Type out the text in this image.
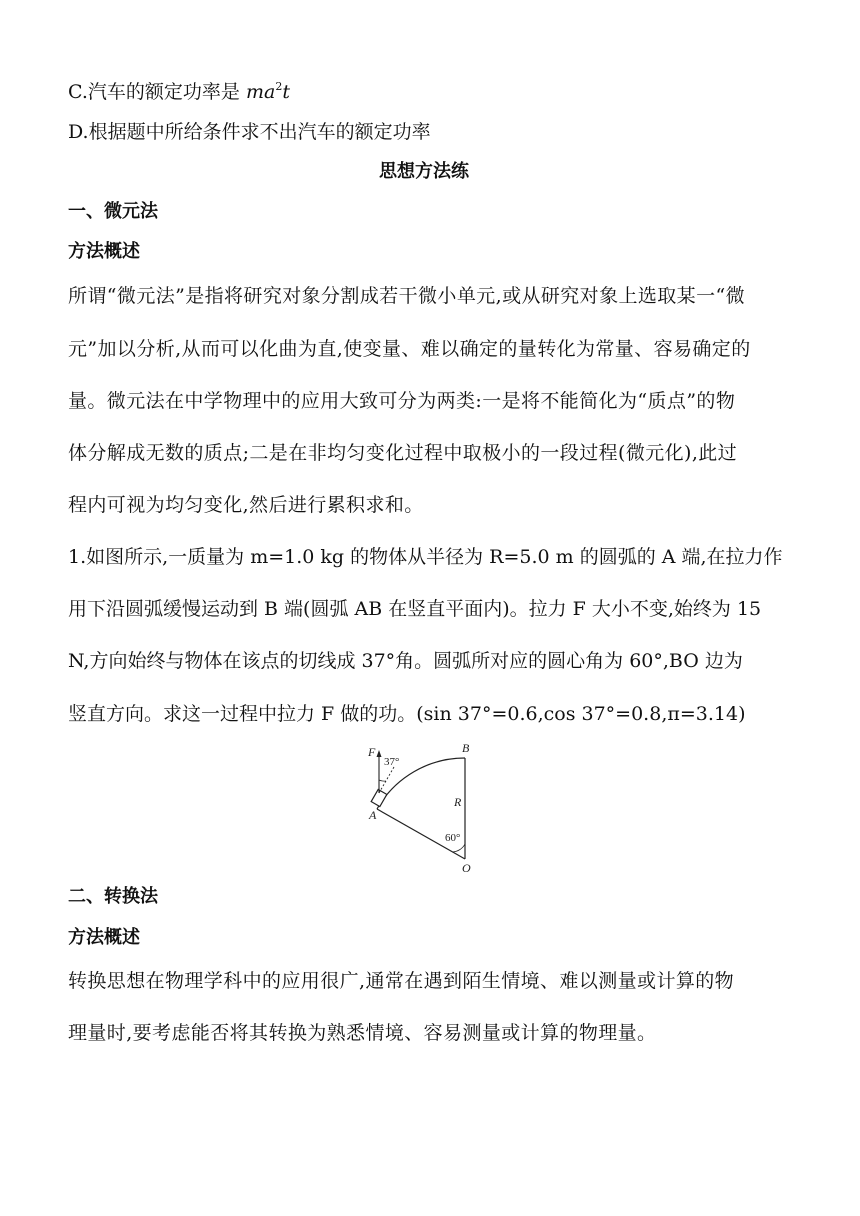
C.汽车的额定功率是 $ma^2t$
D.根据题中所给条件求不出汽车的额定功率
思想方法练
一、微元法
方法概述
所谓“微元法”是指将研究对象分割成若干微小单元,或从研究对象上选取某一“微
元”加以分析,从而可以化曲为直,使变量、难以确定的量转化为常量、容易确定的
量。微元法在中学物理中的应用大致可分为两类:一是将不能简化为“质点”的物
体分解成无数的质点;二是在非均匀变化过程中取极小的一段过程(微元化),此过
程内可视为均匀变化,然后进行累积求和。
1.如图所示,一质量为 m=1.0 kg 的物体从半径为 R=5.0 m 的圆弧的 A 端,在拉力作
用下沿圆弧缓慢运动到 B 端(圆弧 AB 在竖直平面内)。拉力 F 大小不变,始终为 15
N,方向始终与物体在该点的切线成 37°角。圆弧所对应的圆心角为 60°,BO 边为
竖直方向。求这一过程中拉力 F 做的功。(sin 37°=0.6,cos 37°=0.8,π=3.14)
二、转换法
方法概述
转换思想在物理学科中的应用很广,通常在遇到陌生情境、难以测量或计算的物
理量时,要考虑能否将其转换为熟悉情境、容易测量或计算的物理量。
F
37°
B
A
R
60°
O
